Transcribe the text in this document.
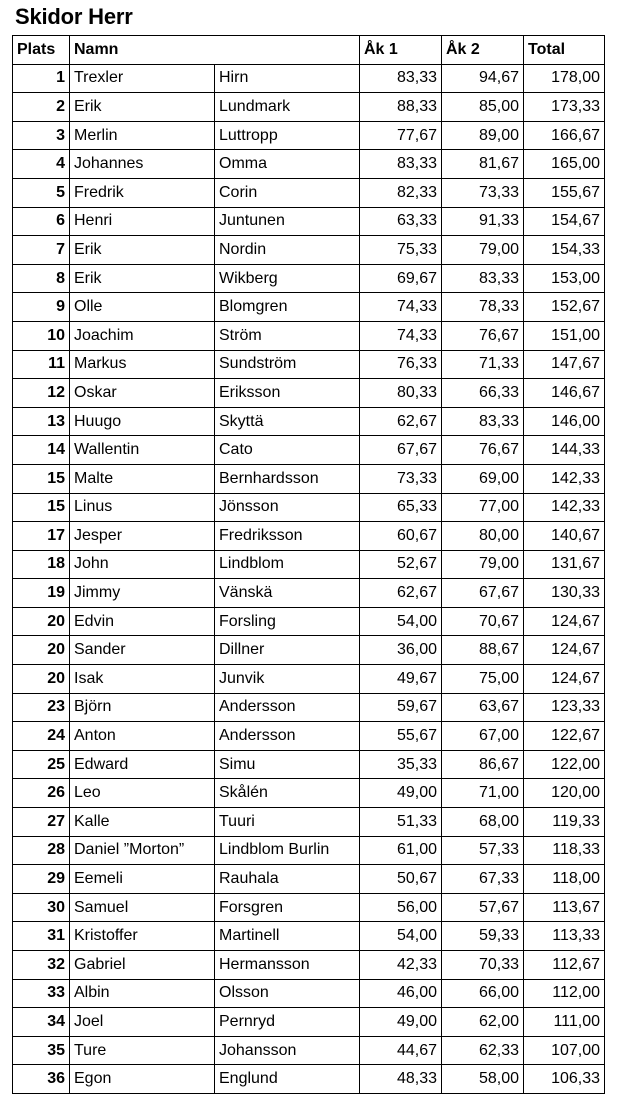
Skidor Herr
Plats	Namn		Åk 1	Åk 2	Total
1	Trexler	Hirn	83,33	94,67	178,00
2	Erik	Lundmark	88,33	85,00	173,33
3	Merlin	Luttropp	77,67	89,00	166,67
4	Johannes	Omma	83,33	81,67	165,00
5	Fredrik	Corin	82,33	73,33	155,67
6	Henri	Juntunen	63,33	91,33	154,67
7	Erik	Nordin	75,33	79,00	154,33
8	Erik	Wikberg	69,67	83,33	153,00
9	Olle	Blomgren	74,33	78,33	152,67
10	Joachim	Ström	74,33	76,67	151,00
11	Markus	Sundström	76,33	71,33	147,67
12	Oskar	Eriksson	80,33	66,33	146,67
13	Huugo	Skyttä	62,67	83,33	146,00
14	Wallentin	Cato	67,67	76,67	144,33
15	Malte	Bernhardsson	73,33	69,00	142,33
15	Linus	Jönsson	65,33	77,00	142,33
17	Jesper	Fredriksson	60,67	80,00	140,67
18	John	Lindblom	52,67	79,00	131,67
19	Jimmy	Vänskä	62,67	67,67	130,33
20	Edvin	Forsling	54,00	70,67	124,67
20	Sander	Dillner	36,00	88,67	124,67
20	Isak	Junvik	49,67	75,00	124,67
23	Björn	Andersson	59,67	63,67	123,33
24	Anton	Andersson	55,67	67,00	122,67
25	Edward	Simu	35,33	86,67	122,00
26	Leo	Skålén	49,00	71,00	120,00
27	Kalle	Tuuri	51,33	68,00	119,33
28	Daniel ”Morton”	Lindblom Burlin	61,00	57,33	118,33
29	Eemeli	Rauhala	50,67	67,33	118,00
30	Samuel	Forsgren	56,00	57,67	113,67
31	Kristoffer	Martinell	54,00	59,33	113,33
32	Gabriel	Hermansson	42,33	70,33	112,67
33	Albin	Olsson	46,00	66,00	112,00
34	Joel	Pernryd	49,00	62,00	111,00
35	Ture	Johansson	44,67	62,33	107,00
36	Egon	Englund	48,33	58,00	106,33
